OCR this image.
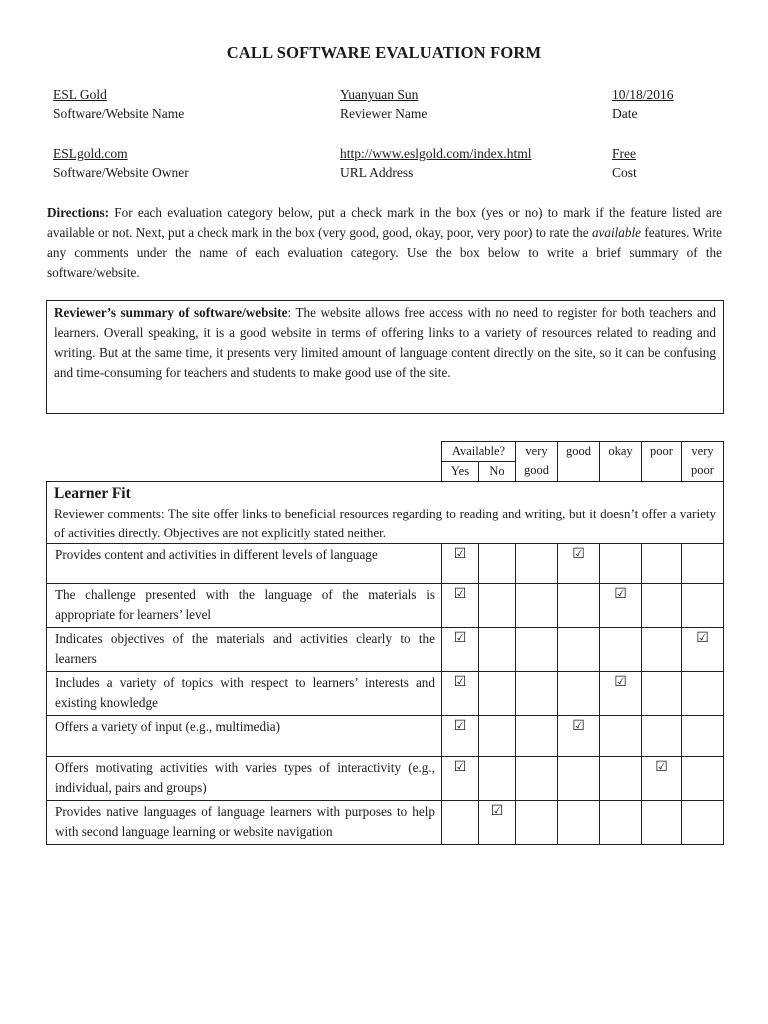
CALL SOFTWARE EVALUATION FORM
ESL Gold
Software/Website Name
Yuanyuan Sun
Reviewer Name
10/18/2016
Date
ESLgold.com
Software/Website Owner
http://www.eslgold.com/index.html
URL Address
Free
Cost
Directions: For each evaluation category below, put a check mark in the box (yes or no) to mark if the feature listed are available or not. Next, put a check mark in the box (very good, good, okay, poor, very poor) to rate the available features. Write any comments under the name of each evaluation category. Use the box below to write a brief summary of the software/website.
Reviewer’s summary of software/website: The website allows free access with no need to register for both teachers and learners. Overall speaking, it is a good website in terms of offering links to a variety of resources related to reading and writing. But at the same time, it presents very limited amount of language content directly on the site, so it can be confusing and time-consuming for teachers and students to make good use of the site.
	Available?		very good	good	okay	poor	very poor
	Yes	No					

Learner Fit
Reviewer comments: The site offer links to beneficial resources regarding to reading and writing, but it doesn’t offer a variety of activities directly. Objectives are not explicitly stated neither.							

Provides content and activities in different levels of language	☑			☑			
The challenge presented with the language of the materials is appropriate for learners’ level	☑				☑		
Indicates objectives of the materials and activities clearly to the learners	☑						☑
Includes a variety of topics with respect to learners’ interests and existing knowledge	☑				☑		
Offers a variety of input (e.g., multimedia)	☑			☑			
Offers motivating activities with varies types of interactivity (e.g., individual, pairs and groups)	☑					☑	
Provides native languages of language learners with purposes to help with second language learning or website navigation		☑					
